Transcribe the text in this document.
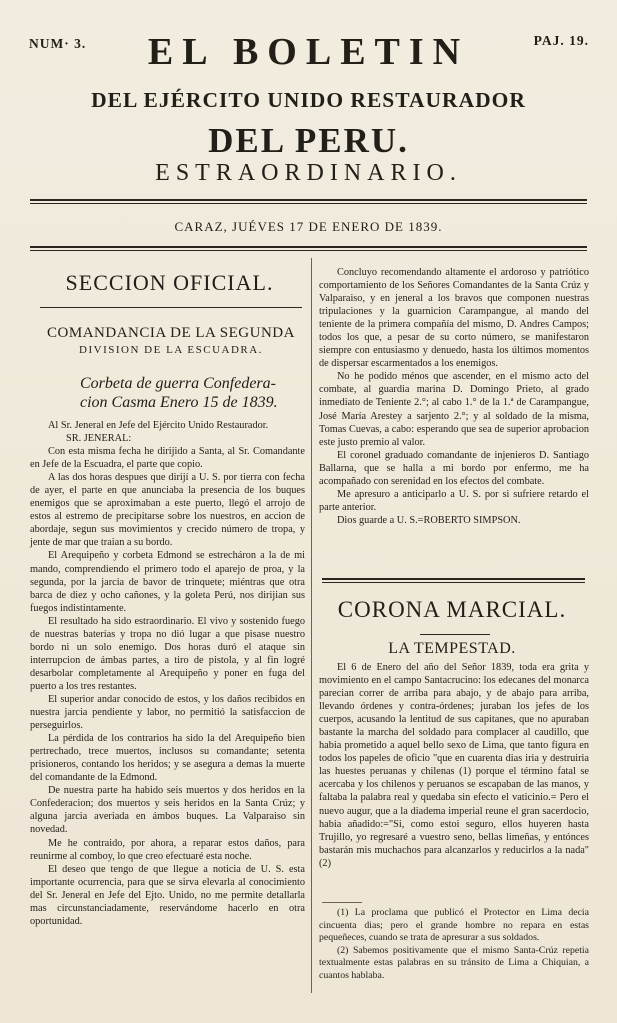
NUM· 3.	PAJ. 19.
EL BOLETIN
DEL EJÉRCITO UNIDO RESTAURADOR
DEL PERU.
ESTRAORDINARIO.
CARAZ, JUÉVES 17 DE ENERO DE 1839.
SECCION OFICIAL.
COMANDANCIA DE LA SEGUNDA
DIVISION DE LA ESCUADRA.
Corbeta de guerra Confedera-
cion Casma Enero 15 de 1839.

Al Sr. Jeneral en Jefe del Ejército Unido Restaurador.

SR. JENERAL:

Con esta misma fecha he dirijido a Santa, al Sr. Comandante en Jefe de la Escuadra, el parte que copio.

A las dos horas despues que dirijí a U. S. por tierra con fecha de ayer, el parte en que anunciaba la presencia de los buques enemigos que se aproximaban a este puerto, llegó el arrojo de estos al estremo de precipitarse sobre los nuestros, en accion de abordaje, segun sus movimientos y crecido número de tropa, y jente de mar que traian a su bordo.

El Arequipeño y corbeta Edmond se estrecháron a la de mi mando, comprendiendo el primero todo el aparejo de proa, y la segunda, por la jarcia de bavor de trinquete; miéntras que otra barca de diez y ocho cañones, y la goleta Perú, nos dirijian sus fuegos indistintamente.

El resultado ha sido estraordinario. El vivo y sostenido fuego de nuestras baterías y tropa no dió lugar a que pisase nuestro bordo ni un solo enemigo. Dos horas duró el ataque sin interrupcion de ámbas partes, a tiro de pistola, y al fin logré desarbolar completamente al Arequipeño y poner en fuga del puerto a los tres restantes.

El superior andar conocido de estos, y los daños recibidos en nuestra jarcia pendiente y labor, no permitió la satisfaccion de perseguirlos.

La pérdida de los contrarios ha sido la del Arequipeño bien pertrechado, trece muertos, inclusos su comandante; setenta prisioneros, contando los heridos; y se asegura a demas la muerte del comandante de la Edmond.

De nuestra parte ha habido seis muertos y dos heridos en la Confederacion; dos muertos y seis heridos en la Santa Crúz; y alguna jarcia averiada en ámbos buques. La Valparaiso sin novedad.

Me he contraido, por ahora, a reparar estos daños, para reunirme al comboy, lo que creo efectuaré esta noche.

El deseo que tengo de que llegue a noticia de U. S. esta importante ocurrencia, para que se sirva elevarla al conocimiento del Sr. Jeneral en Jefe del Ejto. Unido, no me permite detallarla mas circunstanciadamente, reservándome hacerlo en otra oportunidad.

Concluyo recomendando altamente el ardoroso y patriótico comportamiento de los Señores Comandantes de la Santa Crúz y Valparaiso, y en jeneral a los bravos que componen nuestras tripulaciones y la guarnicion Carampangue, al mando del teniente de la primera compañía del mismo, D. Andres Campos; todos los que, a pesar de su corto número, se manifestaron siempre con entusiasmo y denuedo, hasta los últimos momentos de dispersar escarmentados a los enemigos.

No he podido ménos que ascender, en el mismo acto del combate, al guardia marina D. Domingo Prieto, al grado inmediato de Teniente 2.°; al cabo 1.° de la 1.ª de Carampangue, José María Arestey a sarjento 2.°; y al soldado de la misma, Tomas Cuevas, a cabo: esperando que sea de superior aprobacion este justo premio al valor.

El coronel graduado comandante de injenieros D. Santiago Ballarna, que se halla a mi bordo por enfermo, me ha acompañado con serenidad en los efectos del combate.

Me apresuro a anticiparlo a U. S. por si sufriere retardo el parte anterior.

Dios guarde a U. S.=ROBERTO SIMPSON.

CORONA MARCIAL.
LA TEMPESTAD.

El 6 de Enero del año del Señor 1839, toda era grita y movimiento en el campo Santacrucino: los edecanes del monarca parecian correr de arriba para abajo, y de abajo para arriba, llevando órdenes y contra-órdenes; juraban los jefes de los cuerpos, acusando la lentitud de sus capitanes, que no apuraban bastante la marcha del soldado para complacer al caudillo, que habia prometido a aquel bello sexo de Lima, que tanto figura en todos los papeles de oficio "que en cuarenta dias iria y destruiria las huestes peruanas y chilenas (1) porque el término fatal se acercaba y los chilenos y peruanos se escapaban de las manos, y faltaba la palabra real y quedaba sin efecto el vaticinio.= Pero el nuevo augur, que a la diadema imperial reune el gran sacerdocio, habia añadido:="Si, como estoi seguro, ellos huyeren hasta Trujillo, yo regresaré a vuestro seno, bellas limeñas, y entónces bastarán mis muchachos para alcanzarlos y reducirlos a la nada" (2)

(1) La proclama que publicó el Protector en Lima decia cincuenta dias; pero el grande hombre no repara en estas pequeñeces, cuando se trata de apresurar a sus soldados.

(2) Sabemos positivamente que el mismo Santa-Crúz repetia textualmente estas palabras en su tránsito de Lima a Chiquian, a cuantos hablaba.
